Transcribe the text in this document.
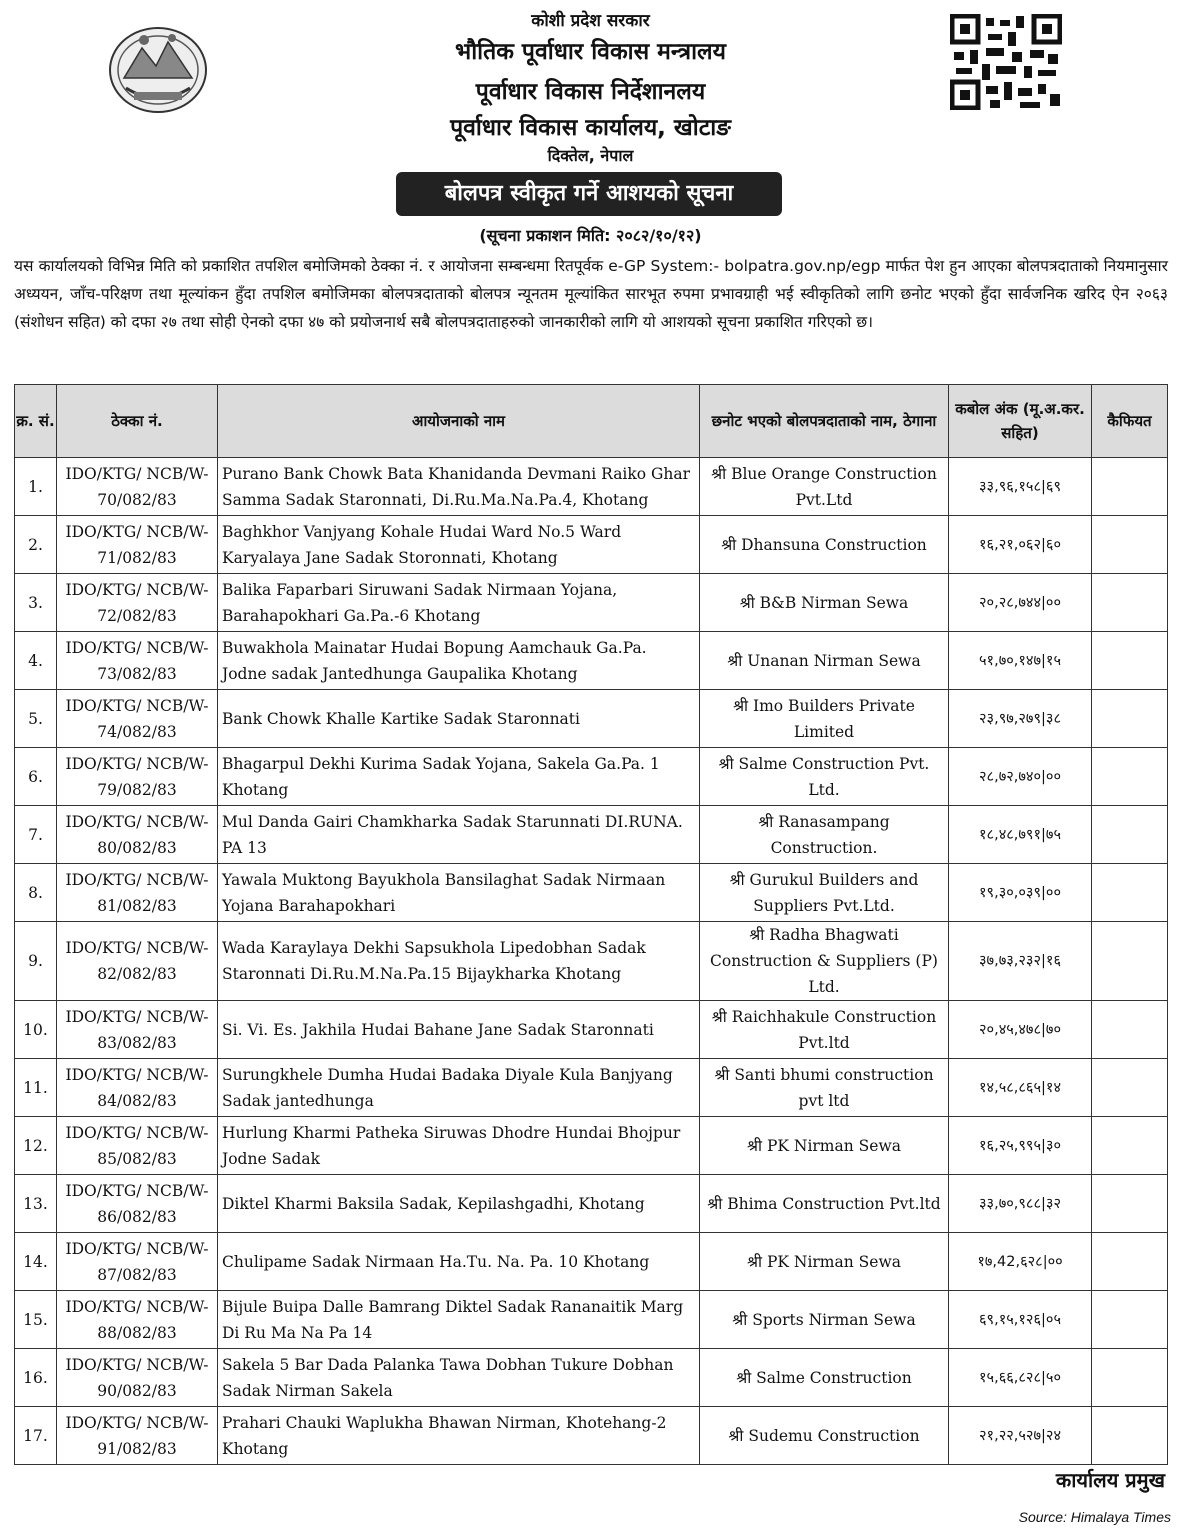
कोशी प्रदेश सरकार
भौतिक पूर्वाधार विकास मन्त्रालय
पूर्वाधार विकास निर्देशानलय
पूर्वाधार विकास कार्यालय, खोटाङ
दिक्तेल, नेपाल
बोलपत्र स्वीकृत गर्ने आशयको सूचना
(सूचना प्रकाशन मिति: २०८२/१०/१२)
यस कार्यालयको विभिन्न मिति को प्रकाशित तपशिल बमोजिमको ठेक्का नं. र आयोजना सम्बन्धमा रितपूर्वक e-GP System:- bolpatra.gov.np/egp मार्फत पेश हुन आएका बोलपत्रदाताको नियमानुसार अध्ययन, जाँच-परिक्षण तथा मूल्यांकन हुँदा तपशिल बमोजिमका बोलपत्रदाताको बोलपत्र न्यूनतम मूल्यांकित सारभूत रुपमा प्रभावग्राही भई स्वीकृतिको लागि छनोट भएको हुँदा सार्वजनिक खरिद ऐन २०६३ (संशोधन सहित) को दफा २७ तथा सोही ऐनको दफा ४७ को प्रयोजनार्थ सबै बोलपत्रदाताहरुको जानकारीको लागि यो आशयको सूचना प्रकाशित गरिएको छ।
क्र. सं.	ठेक्का नं.	आयोजनाको नाम	छनोट भएको बोलपत्रदाताको नाम, ठेगाना	कबोल अंक (मू.अ.कर. सहित)	कैफियत
1.	IDO/KTG/ NCB/W-70/082/83	Purano Bank Chowk Bata Khanidanda Devmani Raiko Ghar Samma Sadak Staronnati, Di.Ru.Ma.Na.Pa.4, Khotang	श्री Blue Orange Construction Pvt.Ltd	३३,९६,१५८|६९	
2.	IDO/KTG/ NCB/W-71/082/83	Baghkhor Vanjyang Kohale Hudai Ward No.5 Ward Karyalaya Jane Sadak Storonnati, Khotang	श्री Dhansuna Construction	१६,२१,०६२|६०	
3.	IDO/KTG/ NCB/W-72/082/83	Balika Faparbari Siruwani Sadak Nirmaan Yojana, Barahapokhari Ga.Pa.-6 Khotang	श्री B&B Nirman Sewa	२०,२८,७४४|००	
4.	IDO/KTG/ NCB/W-73/082/83	Buwakhola Mainatar Hudai Bopung Aamchauk Ga.Pa. Jodne sadak Jantedhunga Gaupalika Khotang	श्री Unanan Nirman Sewa	५१,७०,१४७|१५	
5.	IDO/KTG/ NCB/W-74/082/83	Bank Chowk Khalle Kartike Sadak Staronnati	श्री Imo Builders Private Limited	२३,९७,२७९|३८	
6.	IDO/KTG/ NCB/W-79/082/83	Bhagarpul Dekhi Kurima Sadak Yojana, Sakela Ga.Pa. 1 Khotang	श्री Salme Construction Pvt. Ltd.	२८,७२,७४०|००	
7.	IDO/KTG/ NCB/W-80/082/83	Mul Danda Gairi Chamkharka Sadak Starunnati DI.RUNA. PA 13	श्री Ranasampang Construction.	१८,४८,७९१|७५	
8.	IDO/KTG/ NCB/W-81/082/83	Yawala Muktong Bayukhola Bansilaghat Sadak Nirmaan Yojana Barahapokhari	श्री Gurukul Builders and Suppliers Pvt.Ltd.	१९,३०,०३९|००	
9.	IDO/KTG/ NCB/W-82/082/83	Wada Karaylaya Dekhi Sapsukhola Lipedobhan Sadak Staronnati Di.Ru.M.Na.Pa.15 Bijaykharka Khotang	श्री Radha Bhagwati Construction & Suppliers (P) Ltd.	३७,७३,२३२|१६	
10.	IDO/KTG/ NCB/W-83/082/83	Si. Vi. Es. Jakhila Hudai Bahane Jane Sadak Staronnati	श्री Raichhakule Construction Pvt.ltd	२०,४५,४७८|७०	
11.	IDO/KTG/ NCB/W-84/082/83	Surungkhele Dumha Hudai Badaka Diyale Kula Banjyang Sadak jantedhunga	श्री Santi bhumi construction pvt ltd	१४,५८,८६५|१४	
12.	IDO/KTG/ NCB/W-85/082/83	Hurlung Kharmi Patheka Siruwas Dhodre Hundai Bhojpur Jodne Sadak	श्री PK Nirman Sewa	१६,२५,९९५|३०	
13.	IDO/KTG/ NCB/W-86/082/83	Diktel Kharmi Baksila Sadak, Kepilashgadhi, Khotang	श्री Bhima Construction Pvt.ltd	३३,७०,९८८|३२	
14.	IDO/KTG/ NCB/W-87/082/83	Chulipame Sadak Nirmaan Ha.Tu. Na. Pa. 10 Khotang	श्री PK Nirman Sewa	१७,42,६२८|००	
15.	IDO/KTG/ NCB/W-88/082/83	Bijule Buipa Dalle Bamrang Diktel Sadak Rananaitik Marg Di Ru Ma Na Pa 14	श्री Sports Nirman Sewa	६९,१५,१२६|०५	
16.	IDO/KTG/ NCB/W-90/082/83	Sakela 5 Bar Dada Palanka Tawa Dobhan Tukure Dobhan Sadak Nirman Sakela	श्री Salme Construction	१५,६६,८२८|५०	
17.	IDO/KTG/ NCB/W-91/082/83	Prahari Chauki Waplukha Bhawan Nirman, Khotehang-2 Khotang	श्री Sudemu Construction	२१,२२,५२७|२४	
कार्यालय प्रमुख
Source: Himalaya Times
